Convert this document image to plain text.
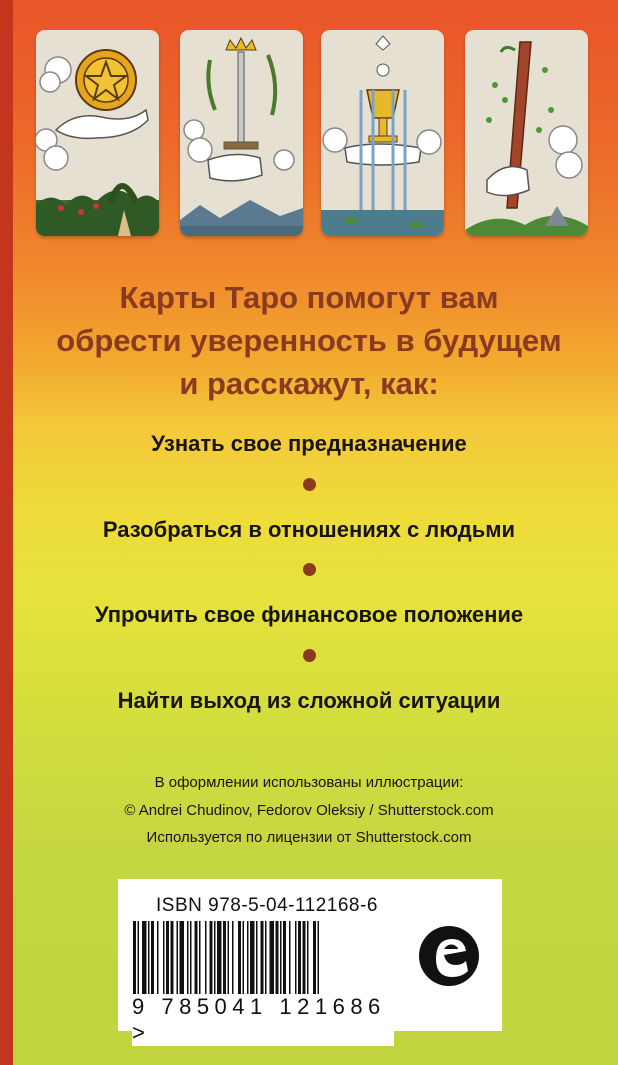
Карты Таро помогут вам
обрести уверенность в будущем
и расскажут, как:
Узнать свое предназначение
Разобраться в отношениях с людьми
Упрочить свое финансовое положение
Найти выход из сложной ситуации
В оформлении использованы иллюстрации:
© Andrei Chudinov, Fedorov Oleksiy / Shutterstock.com
Используется по лицензии от Shutterstock.com
ISBN 978-5-04-112168-6
9 785041 121686 >
